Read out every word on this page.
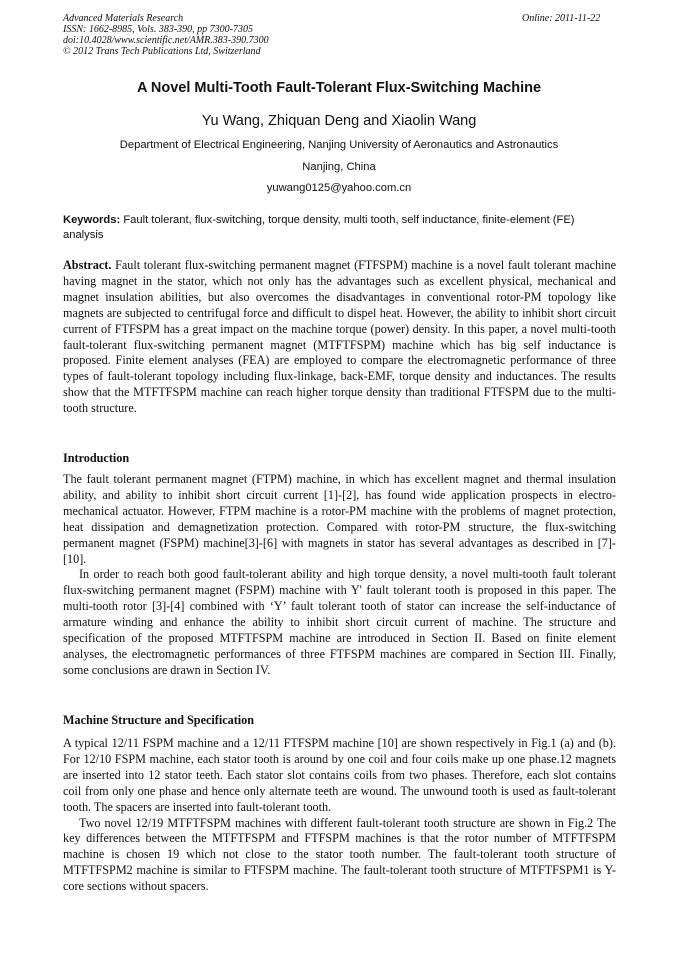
Advanced Materials Research
ISSN: 1662-8985, Vols. 383-390, pp 7300-7305
doi:10.4028/www.scientific.net/AMR.383-390.7300
© 2012 Trans Tech Publications Ltd, Switzerland
Online: 2011-11-22
A Novel Multi-Tooth Fault-Tolerant Flux-Switching Machine
Yu Wang, Zhiquan Deng and Xiaolin Wang
Department of Electrical Engineering, Nanjing University of Aeronautics and Astronautics
Nanjing, China
yuwang0125@yahoo.com.cn
Keywords: Fault tolerant, flux-switching, torque density, multi tooth, self inductance, finite-element (FE) analysis

Abstract. Fault tolerant flux-switching permanent magnet (FTFSPM) machine is a novel fault tolerant machine having magnet in the stator, which not only has the advantages such as excellent physical, mechanical and magnet insulation abilities, but also overcomes the disadvantages in conventional rotor-PM topology like magnets are subjected to centrifugal force and difficult to dispel heat. However, the ability to inhibit short circuit current of FTFSPM has a great impact on the machine torque (power) density. In this paper, a novel multi-tooth fault-tolerant flux-switching permanent magnet (MTFTFSPM) machine which has big self inductance is proposed. Finite element analyses (FEA) are employed to compare the electromagnetic performance of three types of fault-tolerant topology including flux-linkage, back-EMF, torque density and inductances. The results show that the MTFTFSPM machine can reach higher torque density than traditional FTFSPM due to the multi-tooth structure.

Introduction

The fault tolerant permanent magnet (FTPM) machine, in which has excellent magnet and thermal insulation ability, and ability to inhibit short circuit current [1]-[2], has found wide application prospects in electro-mechanical actuator. However, FTPM machine is a rotor-PM machine with the problems of magnet protection, heat dissipation and demagnetization protection. Compared with rotor-PM structure, the flux-switching permanent magnet (FSPM) machine[3]-[6] with magnets in stator has several advantages as described in [7]-[10].

In order to reach both good fault-tolerant ability and high torque density, a novel multi-tooth fault tolerant flux-switching permanent magnet (FSPM) machine with Y' fault tolerant tooth is proposed in this paper. The multi-tooth rotor [3]-[4] combined with ‘Y’ fault tolerant tooth of stator can increase the self-inductance of armature winding and enhance the ability to inhibit short circuit current of machine. The structure and specification of the proposed MTFTFSPM machine are introduced in Section II. Based on finite element analyses, the electromagnetic performances of three FTFSPM machines are compared in Section III. Finally, some conclusions are drawn in Section IV.

Machine Structure and Specification

A typical 12/11 FSPM machine and a 12/11 FTFSPM machine [10] are shown respectively in Fig.1 (a) and (b). For 12/10 FSPM machine, each stator tooth is around by one coil and four coils make up one phase.12 magnets are inserted into 12 stator teeth. Each stator slot contains coils from two phases. Therefore, each slot contains coil from only one phase and hence only alternate teeth are wound. The unwound tooth is used as fault-tolerant tooth. The spacers are inserted into fault-tolerant tooth.

Two novel 12/19 MTFTFSPM machines with different fault-tolerant tooth structure are shown in Fig.2 The key differences between the MTFTFSPM and FTFSPM machines is that the rotor number of MTFTFSPM machine is chosen 19 which not close to the stator tooth number. The fault-tolerant tooth structure of MTFTFSPM2 machine is similar to FTFSPM machine. The fault-tolerant tooth structure of MTFTFSPM1 is Y-core sections without spacers.
